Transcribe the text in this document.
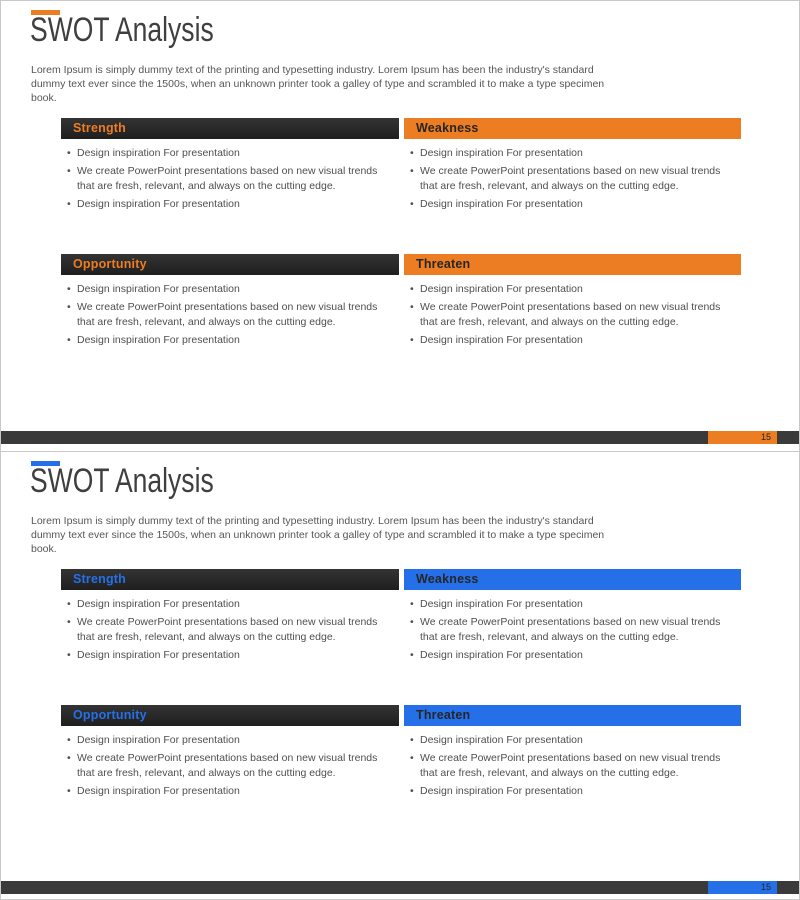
SWOT Analysis

Lorem Ipsum is simply dummy text of the printing and typesetting industry. Lorem Ipsum has been the industry's standard dummy text ever since the 1500s, when an unknown printer took a galley of type and scrambled it to make a type specimen book.

Strength
• Design inspiration For presentation
• We create PowerPoint presentations based on new visual trends that are fresh, relevant, and always on the cutting edge.
• Design inspiration For presentation
Weakness
• Design inspiration For presentation
• We create PowerPoint presentations based on new visual trends that are fresh, relevant, and always on the cutting edge.
• Design inspiration For presentation
Opportunity
• Design inspiration For presentation
• We create PowerPoint presentations based on new visual trends that are fresh, relevant, and always on the cutting edge.
• Design inspiration For presentation
Threaten
• Design inspiration For presentation
• We create PowerPoint presentations based on new visual trends that are fresh, relevant, and always on the cutting edge.
• Design inspiration For presentation
15
SWOT Analysis

Lorem Ipsum is simply dummy text of the printing and typesetting industry. Lorem Ipsum has been the industry's standard dummy text ever since the 1500s, when an unknown printer took a galley of type and scrambled it to make a type specimen book.

Strength
• Design inspiration For presentation
• We create PowerPoint presentations based on new visual trends that are fresh, relevant, and always on the cutting edge.
• Design inspiration For presentation
Weakness
• Design inspiration For presentation
• We create PowerPoint presentations based on new visual trends that are fresh, relevant, and always on the cutting edge.
• Design inspiration For presentation
Opportunity
• Design inspiration For presentation
• We create PowerPoint presentations based on new visual trends that are fresh, relevant, and always on the cutting edge.
• Design inspiration For presentation
Threaten
• Design inspiration For presentation
• We create PowerPoint presentations based on new visual trends that are fresh, relevant, and always on the cutting edge.
• Design inspiration For presentation
15
